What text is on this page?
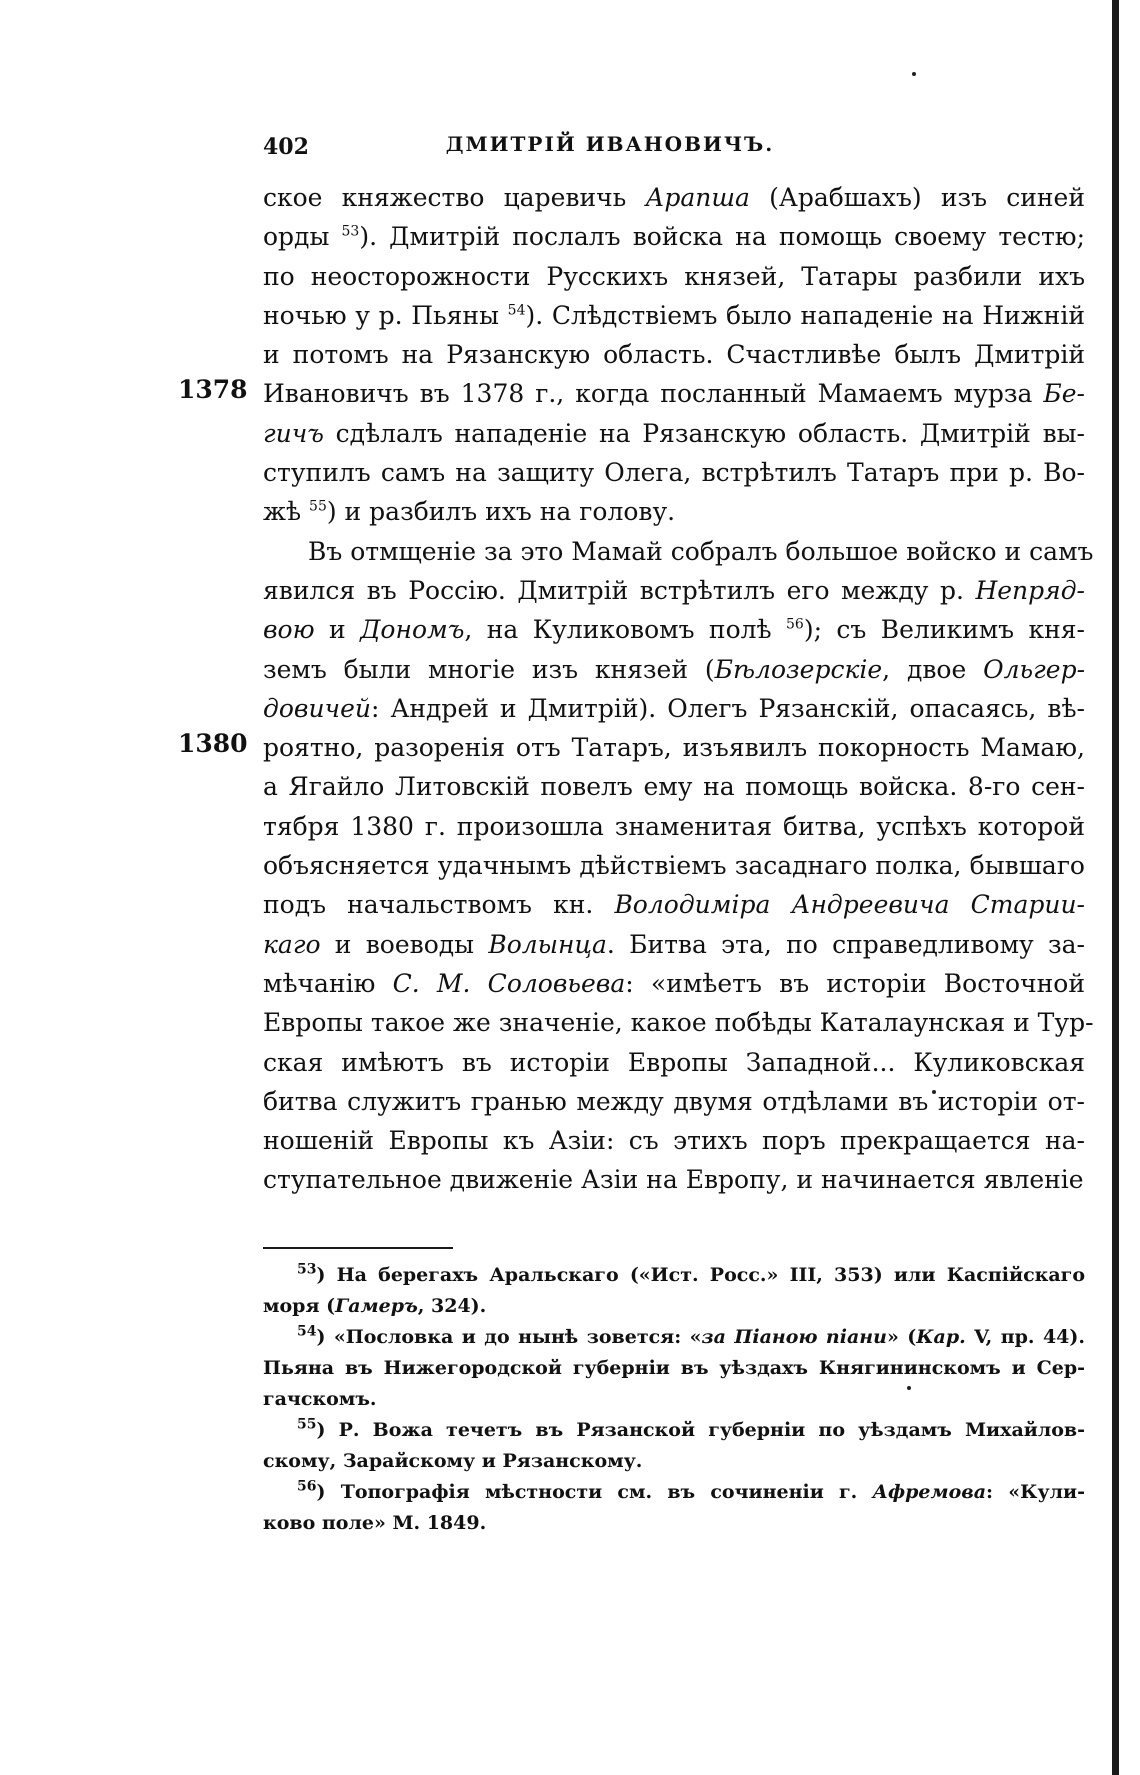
402	ДМИТРІЙ ИВАНОВИЧЪ.
1378
1380
ское княжество царевичь Арапша (Арабшахъ) изъ синей
орды $^{53}$). Дмитрій послалъ войска на помощь своему тестю;
по неосторожности Русскихъ князей, Татары разбили ихъ
ночью у р. Пьяны $^{54}$). Слѣдствіемъ было нападеніе на Нижній
и потомъ на Рязанскую область. Счастливѣе былъ Дмитрій
Ивановичъ въ 1378 г., когда посланный Мамаемъ мурза Бе-
гичъ сдѣлалъ нападеніе на Рязанскую область. Дмитрій вы-
ступилъ самъ на защиту Олега, встрѣтилъ Татаръ при р. Во-
жѣ $^{55}$) и разбилъ ихъ на голову.
Въ отмщеніе за это Мамай собралъ большое войско и самъ
явился въ Россію. Дмитрій встрѣтилъ его между р. Непряд-
вою и Дономъ, на Куликовомъ полѣ $^{56}$); съ Великимъ кня-
земъ были многіе изъ князей (Бѣлозерскіе, двое Ольгер-
довичей: Андрей и Дмитрій). Олегъ Рязанскій, опасаясь, вѣ-
роятно, разоренія отъ Татаръ, изъявилъ покорность Мамаю,
а Ягайло Литовскій повелъ ему на помощь войска. 8-го сен-
тября 1380 г. произошла знаменитая битва, успѣхъ которой
объясняется удачнымъ дѣйствіемъ засаднаго полка, бывшаго
подъ начальствомъ кн. Володиміра Андреевича Старии-
каго и воеводы Волынца. Битва эта, по справедливому за-
мѣчанію С. М. Соловьева: «имѣетъ въ исторіи Восточной
Европы такое же значеніе, какое побѣды Каталаунская и Тур-
ская имѣютъ въ исторіи Европы Западной... Куликовская
битва служитъ гранью между двумя отдѣлами въ исторіи от-
ношеній Европы къ Азіи: съ этихъ поръ прекращается на-
ступательное движеніе Азіи на Европу, и начинается явленіе
$^{53}$) На берегахъ Аральскаго («Ист. Росс.» III, 353) или Каспійскаго
моря (Гамеръ, 324).
$^{54}$) «Пословка и до нынѣ зовется: «за Піаною піани» (Кар. V, пр. 44).
Пьяна въ Нижегородской губерніи въ уѣздахъ Княгининскомъ и Сер-
гачскомъ.
$^{55}$) Р. Вожа течетъ въ Рязанской губерніи по уѣздамъ Михайлов-
скому, Зарайскому и Рязанскому.
$^{56}$) Топографія мѣстности см. въ сочиненіи г. Афремова: «Кули-
ково поле» М. 1849.
